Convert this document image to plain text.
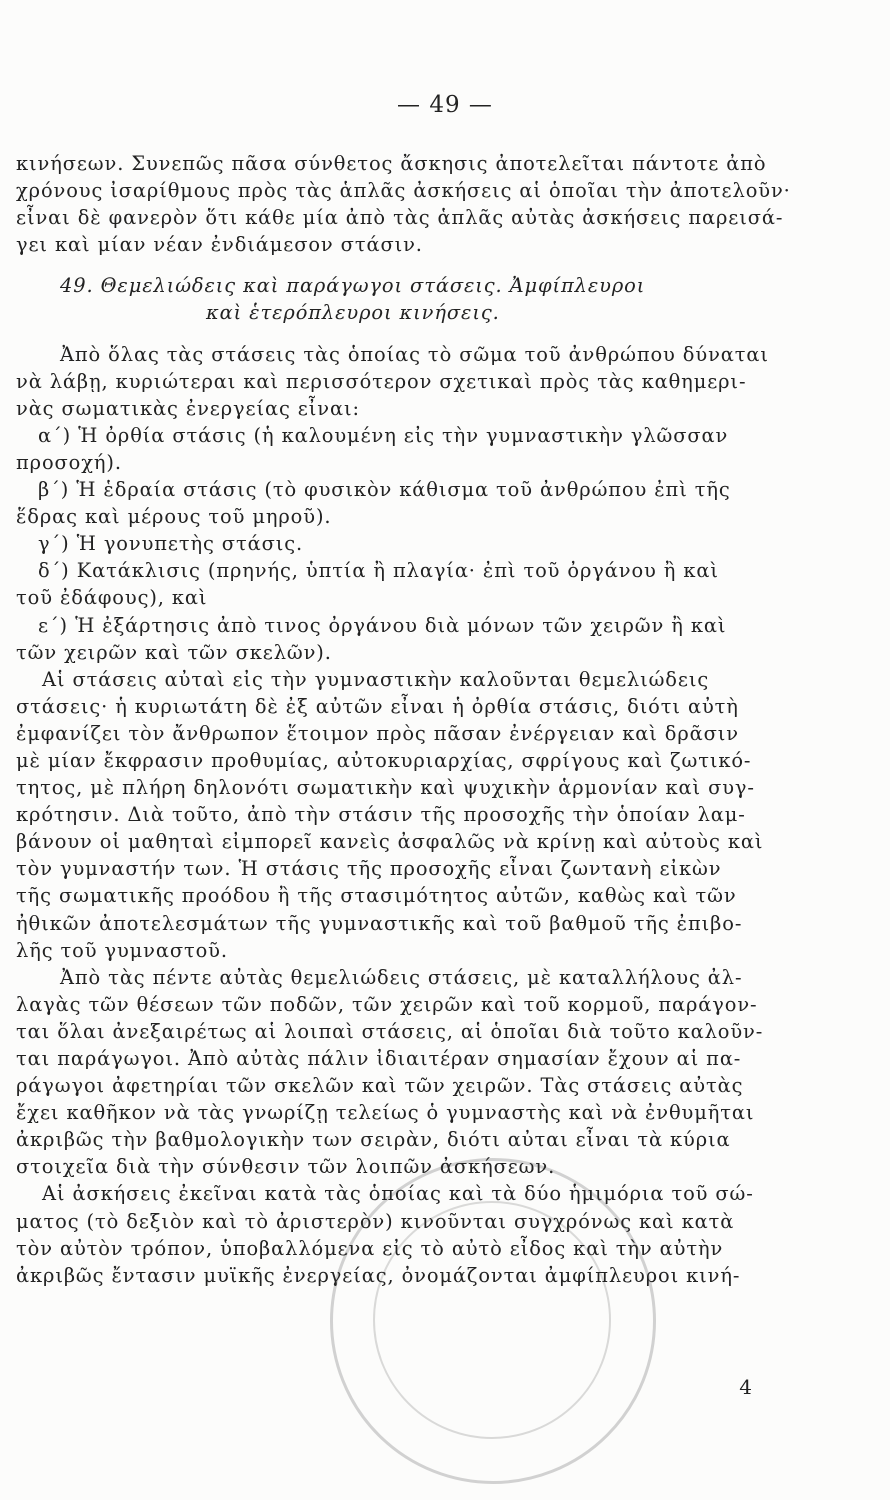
— 49 —
κινήσεων. Συνεπῶς πᾶσα σύνθετος ἄσκησις ἀποτελεῖται πάντοτε ἀπὸ
χρόνους ἰσαρίθμους πρὸς τὰς ἁπλᾶς ἀσκήσεις αἱ ὁποῖαι τὴν ἀποτελοῦν·
εἶναι δὲ φανερὸν ὅτι κάθε μία ἀπὸ τὰς ἁπλᾶς αὐτὰς ἀσκήσεις παρεισά-
γει καὶ μίαν νέαν ἐνδιάμεσον στάσιν.
49. Θεμελιώδεις καὶ παράγωγοι στάσεις. Ἀμφίπλευροι
καὶ ἑτερόπλευροι κινήσεις.
Ἀπὸ ὅλας τὰς στάσεις τὰς ὁποίας τὸ σῶμα τοῦ ἀνθρώπου δύναται
νὰ λάβῃ, κυριώτεραι καὶ περισσότερον σχετικαὶ πρὸς τὰς καθημερι-
νὰς σωματικὰς ἐνεργείας εἶναι:
α΄) Ἡ ὀρθία στάσις (ἡ καλουμένη εἰς τὴν γυμναστικὴν γλῶσσαν
προσοχή).
β΄) Ἡ ἑδραία στάσις (τὸ φυσικὸν κάθισμα τοῦ ἀνθρώπου ἐπὶ τῆς
ἕδρας καὶ μέρους τοῦ μηροῦ).
γ΄) Ἡ γονυπετὴς στάσις.
δ΄) Κατάκλισις (πρηνής, ὑπτία ἢ πλαγία· ἐπὶ τοῦ ὀργάνου ἢ καὶ
τοῦ ἐδάφους), καὶ
ε΄) Ἡ ἐξάρτησις ἀπὸ τινος ὀργάνου διὰ μόνων τῶν χειρῶν ἢ καὶ
τῶν χειρῶν καὶ τῶν σκελῶν).
Αἱ στάσεις αὐταὶ εἰς τὴν γυμναστικὴν καλοῦνται θεμελιώδεις
στάσεις· ἡ κυριωτάτη δὲ ἐξ αὐτῶν εἶναι ἡ ὀρθία στάσις, διότι αὐτὴ
ἐμφανίζει τὸν ἄνθρωπον ἕτοιμον πρὸς πᾶσαν ἐνέργειαν καὶ δρᾶσιν
μὲ μίαν ἔκφρασιν προθυμίας, αὐτοκυριαρχίας, σφρίγους καὶ ζωτικό-
τητος, μὲ πλήρη δηλονότι σωματικὴν καὶ ψυχικὴν ἁρμονίαν καὶ συγ-
κρότησιν. Διὰ τοῦτο, ἀπὸ τὴν στάσιν τῆς προσοχῆς τὴν ὁποίαν λαμ-
βάνουν οἱ μαθηταὶ εἰμπορεῖ κανεὶς ἀσφαλῶς νὰ κρίνῃ καὶ αὐτοὺς καὶ
τὸν γυμναστήν των. Ἡ στάσις τῆς προσοχῆς εἶναι ζωντανὴ εἰκὼν
τῆς σωματικῆς προόδου ἢ τῆς στασιμότητος αὐτῶν, καθὼς καὶ τῶν
ἠθικῶν ἀποτελεσμάτων τῆς γυμναστικῆς καὶ τοῦ βαθμοῦ τῆς ἐπιβο-
λῆς τοῦ γυμναστοῦ.
Ἀπὸ τὰς πέντε αὐτὰς θεμελιώδεις στάσεις, μὲ καταλλήλους ἀλ-
λαγὰς τῶν θέσεων τῶν ποδῶν, τῶν χειρῶν καὶ τοῦ κορμοῦ, παράγον-
ται ὅλαι ἀνεξαιρέτως αἱ λοιπαὶ στάσεις, αἱ ὁποῖαι διὰ τοῦτο καλοῦν-
ται παράγωγοι. Ἀπὸ αὐτὰς πάλιν ἰδιαιτέραν σημασίαν ἔχουν αἱ πα-
ράγωγοι ἀφετηρίαι τῶν σκελῶν καὶ τῶν χειρῶν. Τὰς στάσεις αὐτὰς
ἔχει καθῆκον νὰ τὰς γνωρίζῃ τελείως ὁ γυμναστὴς καὶ νὰ ἐνθυμῆται
ἀκριβῶς τὴν βαθμολογικὴν των σειρὰν, διότι αὐται εἶναι τὰ κύρια
στοιχεῖα διὰ τὴν σύνθεσιν τῶν λοιπῶν ἀσκήσεων.
Αἱ ἀσκήσεις ἐκεῖναι κατὰ τὰς ὁποίας καὶ τὰ δύο ἡμιμόρια τοῦ σώ-
ματος (τὸ δεξιὸν καὶ τὸ ἀριστερὸν) κινοῦνται συγχρόνως καὶ κατὰ
τὸν αὐτὸν τρόπον, ὑποβαλλόμενα εἰς τὸ αὐτὸ εἶδος καὶ τὴν αὐτὴν
ἀκριβῶς ἔντασιν μυϊκῆς ἐνεργείας, ὀνομάζονται ἀμφίπλευροι κινή-
4
